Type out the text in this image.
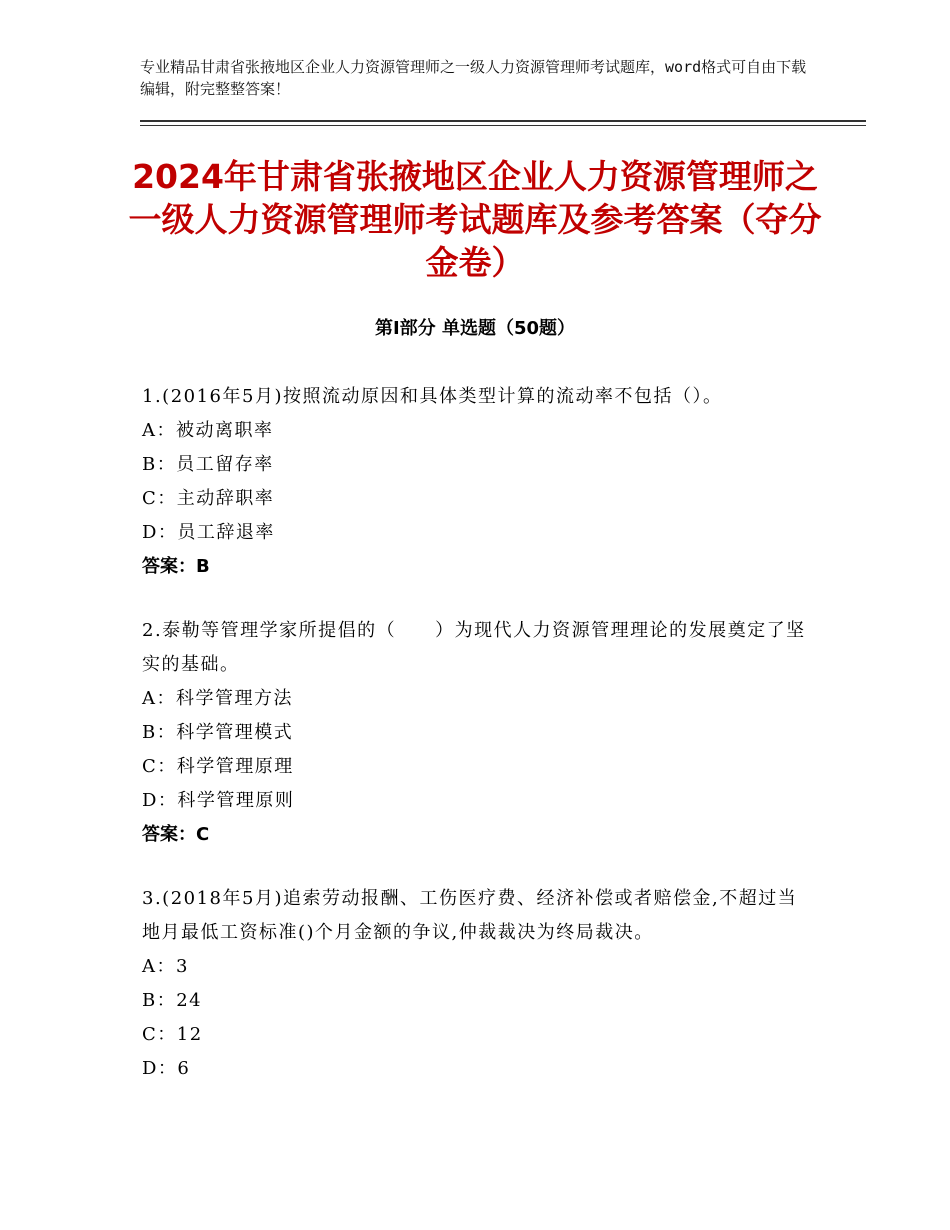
专业精品甘肃省张掖地区企业人力资源管理师之一级人力资源管理师考试题库，word格式可自由下载编辑，附完整整答案！
2024年甘肃省张掖地区企业人力资源管理师之一级人力资源管理师考试题库及参考答案（夺分金卷）
第Ⅰ部分 单选题（50题）
1.(2016年5月)按照流动原因和具体类型计算的流动率不包括（）。
A：被动离职率
B：员工留存率
C：主动辞职率
D：员工辞退率
答案：B
2.泰勒等管理学家所提倡的（　　）为现代人力资源管理理论的发展奠定了坚实的基础。
A：科学管理方法
B：科学管理模式
C：科学管理原理
D：科学管理原则
答案：C
3.(2018年5月)追索劳动报酬、工伤医疗费、经济补偿或者赔偿金,不超过当地月最低工资标准()个月金额的争议,仲裁裁决为终局裁决。
A：3
B：24
C：12
D：6
